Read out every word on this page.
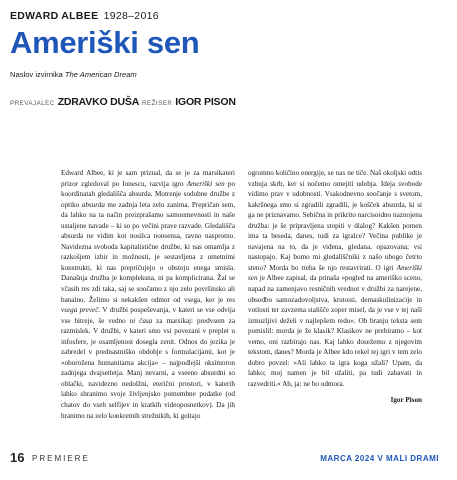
EDWARD ALBEE 1928–2016
Ameriški sen
Naslov izvirnika The American Dream
PREVAJALEC ZDRAVKO DUŠA REŽISER IGOR PISON

Edward Albee, ki je sam priznal, da se je za marsikateri prizor zgledoval po Ionescu, razvija igro Ameriški sen po koordinatah gledališča absurda. Motrenje sodobne družbe z optiko absurda me zadnja leta zelo zanima. Prepričan sem, da lahko na ta način preizprašamo samoumevnosti in naše ustaljene navade – ki so po večini prave razvade. Gledališča absurda ne vidim kot nosilca nonsensa, ravno nasprotno. Navidezna svoboda kapitalistične družbe, ki nas omamlja z razkošjem izbir in možnosti, je sestavljena z umetnimi konstrukti, ki nas prepričujejo o obstoju enega smisla. Današnja družba je kompleksna, ni pa komplicirana. Žal se včasih res zdi taka, saj se soočamo z njo zelo površinsko ali banalno. Želimo si nekakšen odmor od vsega, ker je res vsega preveč. V družbi pospeševanja, v kateri se vse odvija vse hitreje, še vedno ni časa za marsikaj: predvsem za razmislek. V družbi, v kateri smo vsi povezani v preplet u infosfere, je osamljenost dosegla zenit. Odnos do jezika je zabredel v prednastniško obdobje s formulacijami, kot je »oborožena humanitarna akcija« – najpodlejši oksimoron zadnjega dvajsetletja. Manj nevarni, a vseeno absurdni so oblački, navidezno nedolžni, eterični prostori, v katerih lahko shranimo svoje življenjsko pomembne podatke (od chatov do vseh selfijev in kratkih videoposnetkov). Da jih hranimo na zelo konkretnih strežnikih, ki goltajo

ogromno količino energije, se nas ne tiče. Naš okoljski odtis vzbuja skrb, ker si nočemo omejiti udobja. Ideja svobode vidimo prav v udobnosti. Vsakodnevno soočanje s svetom, kakršnega smo si zgradili zgradili, je košček absurda, ki si ga ne priznavamo. Sebična in prikrito narcisoidno naznojena družba: je še pripravljena stopiti v dialog? Kakšen pomen ima ta beseda, danes, tudi za igralce? Večina publike je navajena na to, da je videna, gledana, opazovana; vsi nastopajo. Kaj bomo mi gledališčniki z našo ubogo četrto steno? Morda bo treba še njo restavrirati. O igri Ameriški sen je Albee zapisal, da prinaša »pogled na ameriško sceno, napad na zamenjavo resničnih vrednot v družbi za narejene, obsodbo samozadovoljstva, krutosti, demaskulinizacije in votlosti ter zavzema stališče zoper misel, da je vse v tej naši izmuzljivi deželi v najlepšem redu«. Ob branju teksta sem pomislil: morda je že klasik? Klasikov ne prebiramo – kot vemo, oni razbirajo nas. Kaj lahko dosežemo z njegovim tekstom, danes? Morda je Albee kdo rekel tej igri v tem zelo dobro povzel: »Ali lahko ta igra koga užali? Upam, da lahko; moj namen je bil užaliti, pa tudi zabavati in razvedriti.« Ah, ja: ne bo odmora.

Igor Pison
16 PREMIERE	MARCA 2024 V MALI DRAMI
